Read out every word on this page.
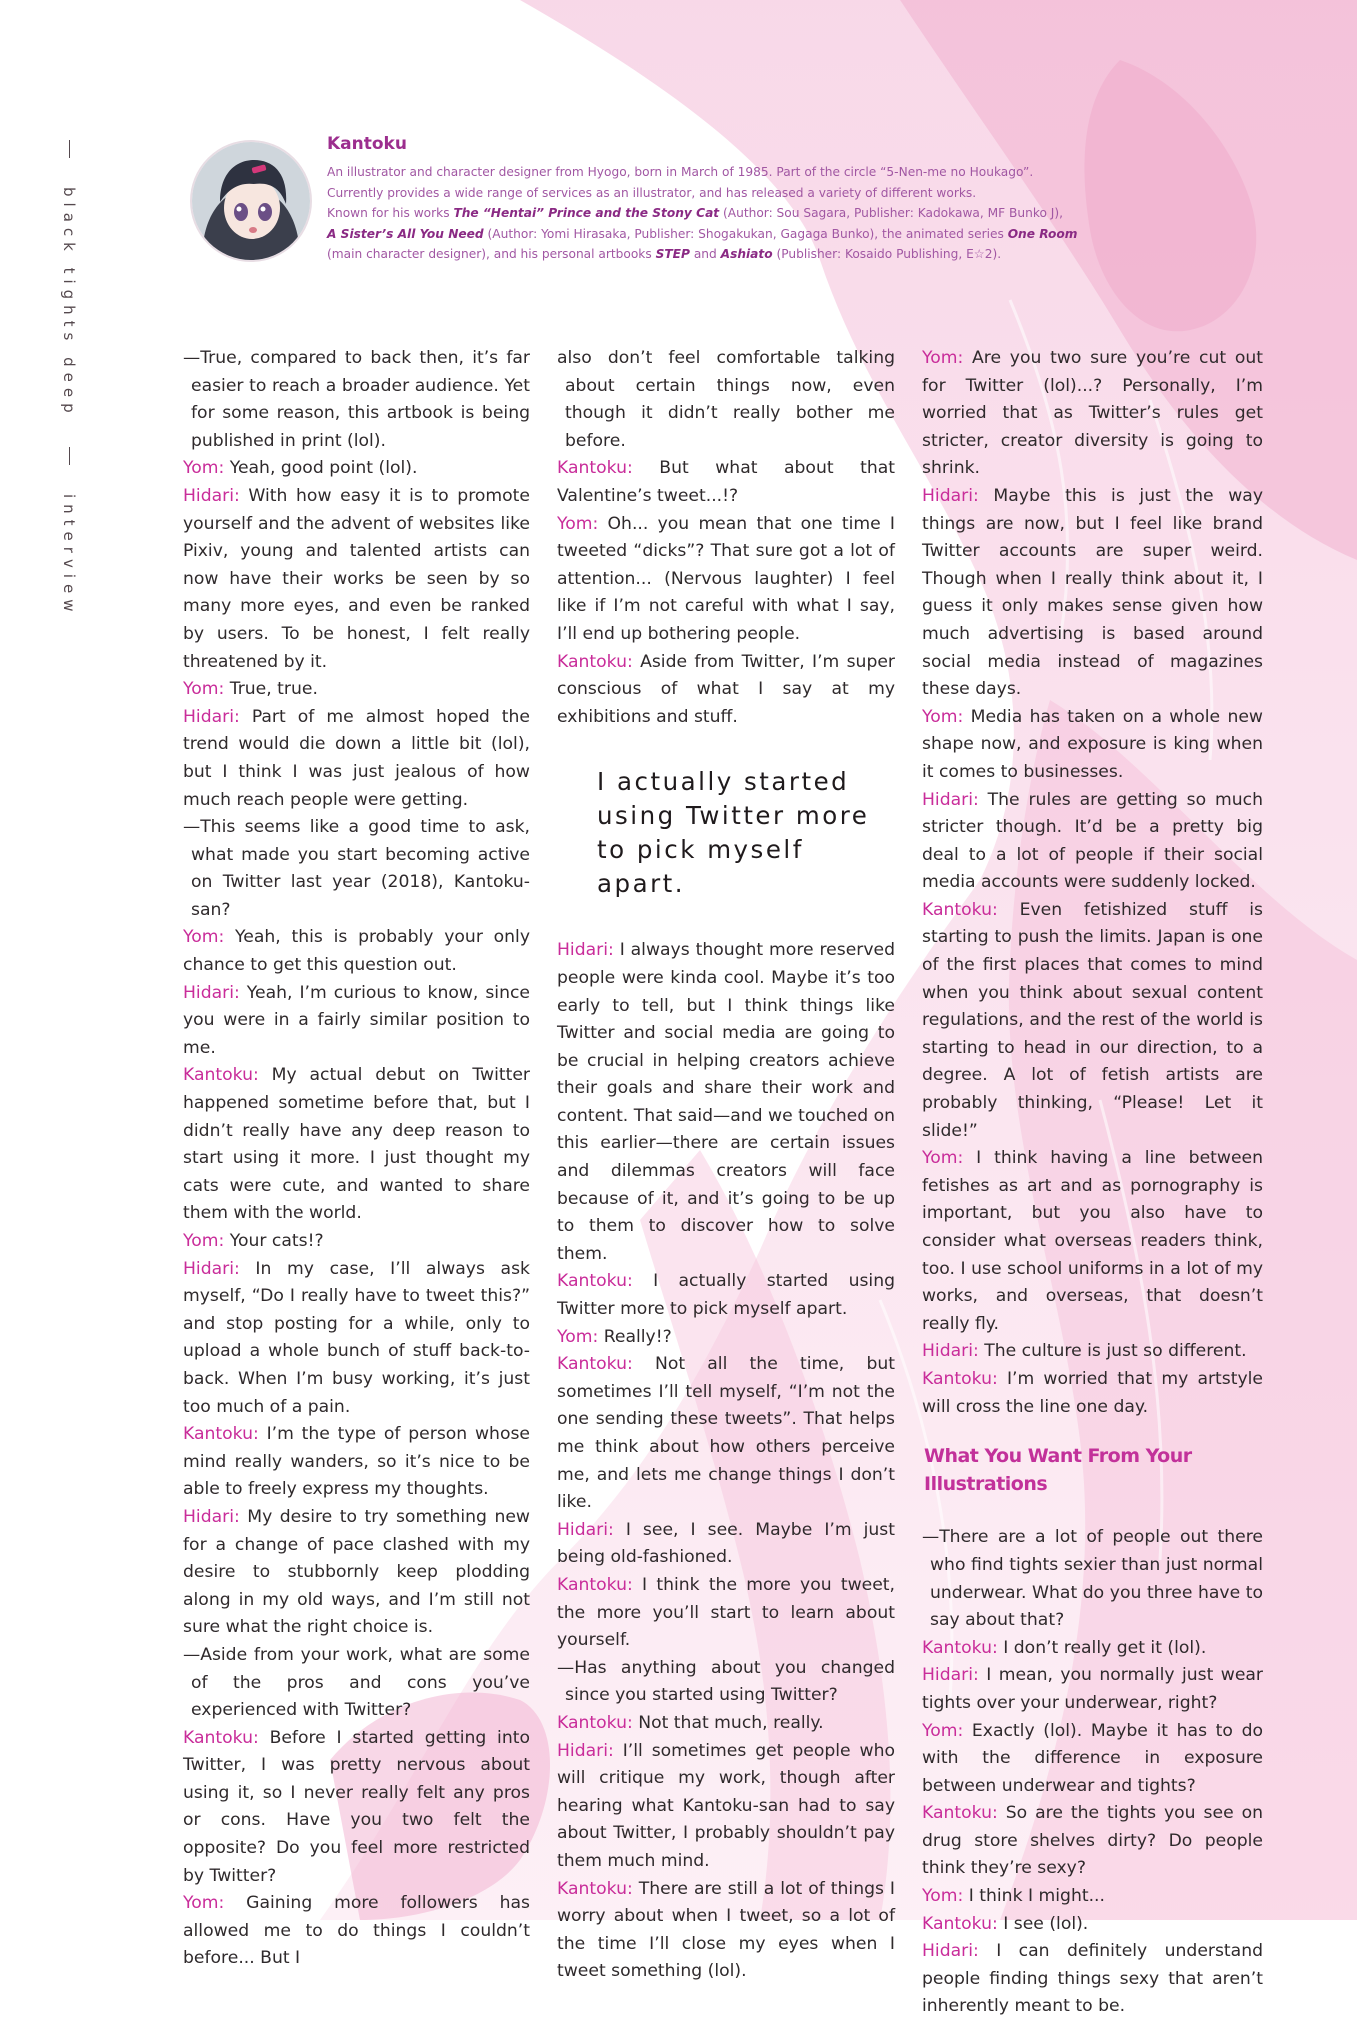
black tights deep  interview
Kantoku

An illustrator and character designer from Hyogo, born in March of 1985. Part of the circle “5-Nen-me no Houkago”.

Currently provides a wide range of services as an illustrator, and has released a variety of different works.

Known for his works The “Hentai” Prince and the Stony Cat (Author: Sou Sagara, Publisher: Kadokawa, MF Bunko J),

A Sister’s All You Need (Author: Yomi Hirasaka, Publisher: Shogakukan, Gagaga Bunko), the animated series One Room

(main character designer), and his personal artbooks STEP and Ashiato (Publisher: Kosaido Publishing, E☆2).

—True, compared to back then, it’s far easier to reach a broader audience. Yet for some reason, this artbook is being published in print (lol).

Yom: Yeah, good point (lol).

Hidari: With how easy it is to promote yourself and the advent of websites like Pixiv, young and talented artists can now have their works be seen by so many more eyes, and even be ranked by users. To be honest, I felt really threatened by it.

Yom: True, true.

Hidari: Part of me almost hoped the trend would die down a little bit (lol), but I think I was just jealous of how much reach people were getting.

—This seems like a good time to ask, what made you start becoming active on Twitter last year (2018), Kantoku-san?

Yom: Yeah, this is probably your only chance to get this question out.

Hidari: Yeah, I’m curious to know, since you were in a fairly similar position to me.

Kantoku: My actual debut on Twitter happened sometime before that, but I didn’t really have any deep reason to start using it more. I just thought my cats were cute, and wanted to share them with the world.

Yom: Your cats!?

Hidari: In my case, I’ll always ask myself, “Do I really have to tweet this?” and stop posting for a while, only to upload a whole bunch of stuff back-to-back. When I’m busy working, it’s just too much of a pain.

Kantoku: I’m the type of person whose mind really wanders, so it’s nice to be able to freely express my thoughts.

Hidari: My desire to try something new for a change of pace clashed with my desire to stubbornly keep plodding along in my old ways, and I’m still not sure what the right choice is.

—Aside from your work, what are some of the pros and cons you’ve experienced with Twitter?

Kantoku: Before I started getting into Twitter, I was pretty nervous about using it, so I never really felt any pros or cons. Have you two felt the opposite? Do you feel more restricted by Twitter?

Yom: Gaining more followers has allowed me to do things I couldn’t before... But I

also don’t feel comfortable talking about certain things now, even though it didn’t really bother me before.

Kantoku: But what about that Valentine’s tweet...!?

Yom: Oh... you mean that one time I tweeted “dicks”? That sure got a lot of attention... (Nervous laughter) I feel like if I’m not careful with what I say, I’ll end up bothering people.

Kantoku: Aside from Twitter, I’m super conscious of what I say at my exhibitions and stuff.

I actually started
using Twitter more
to pick myself apart.

Hidari: I always thought more reserved people were kinda cool. Maybe it’s too early to tell, but I think things like Twitter and social media are going to be crucial in helping creators achieve their goals and share their work and content. That said—and we touched on this earlier—there are certain issues and dilemmas creators will face because of it, and it’s going to be up to them to discover how to solve them.

Kantoku: I actually started using Twitter more to pick myself apart.

Yom: Really!?

Kantoku: Not all the time, but sometimes I’ll tell myself, “I’m not the one sending these tweets”. That helps me think about how others perceive me, and lets me change things I don’t like.

Hidari: I see, I see. Maybe I’m just being old-fashioned.

Kantoku: I think the more you tweet, the more you’ll start to learn about yourself.

—Has anything about you changed since you started using Twitter?

Kantoku: Not that much, really.

Hidari: I’ll sometimes get people who will critique my work, though after hearing what Kantoku-san had to say about Twitter, I probably shouldn’t pay them much mind.

Kantoku: There are still a lot of things I worry about when I tweet, so a lot of the time I’ll close my eyes when I tweet something (lol).

Yom: Are you two sure you’re cut out for Twitter (lol)...? Personally, I’m worried that as Twitter’s rules get stricter, creator diversity is going to shrink.

Hidari: Maybe this is just the way things are now, but I feel like brand Twitter accounts are super weird. Though when I really think about it, I guess it only makes sense given how much advertising is based around social media instead of magazines these days.

Yom: Media has taken on a whole new shape now, and exposure is king when it comes to businesses.

Hidari: The rules are getting so much stricter though. It’d be a pretty big deal to a lot of people if their social media accounts were suddenly locked.

Kantoku: Even fetishized stuff is starting to push the limits. Japan is one of the first places that comes to mind when you think about sexual content regulations, and the rest of the world is starting to head in our direction, to a degree. A lot of fetish artists are probably thinking, “Please! Let it slide!”

Yom: I think having a line between fetishes as art and as pornography is important, but you also have to consider what overseas readers think, too. I use school uniforms in a lot of my works, and overseas, that doesn’t really fly.

Hidari: The culture is just so different.

Kantoku: I’m worried that my artstyle will cross the line one day.

What You Want From Your Illustrations

—There are a lot of people out there who find tights sexier than just normal underwear. What do you three have to say about that?

Kantoku: I don’t really get it (lol).

Hidari: I mean, you normally just wear tights over your underwear, right?

Yom: Exactly (lol). Maybe it has to do with the difference in exposure between underwear and tights?

Kantoku: So are the tights you see on drug store shelves dirty? Do people think they’re sexy?

Yom: I think I might...

Kantoku: I see (lol).

Hidari: I can definitely understand people finding things sexy that aren’t inherently meant to be.
